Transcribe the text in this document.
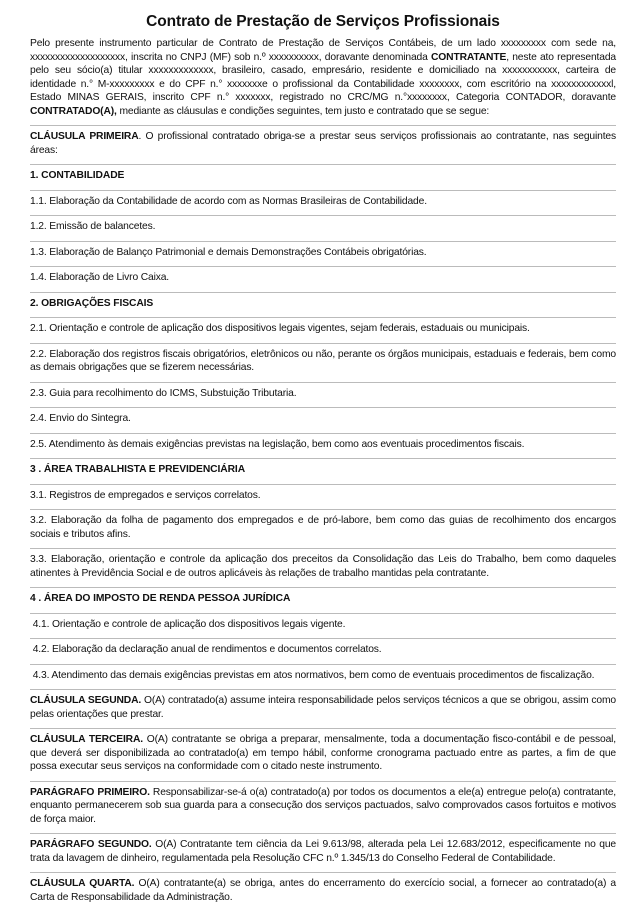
Contrato de Prestação de Serviços Profissionais

Pelo presente instrumento particular de Contrato de Prestação de Serviços Contábeis, de um lado xxxxxxxxx com sede na, xxxxxxxxxxxxxxxxxxx, inscrita no CNPJ (MF) sob n.º xxxxxxxxxx, doravante denominada CONTRATANTE, neste ato representada pelo seu sócio(a) titular xxxxxxxxxxxxx, brasileiro, casado, empresário, residente e domiciliado na xxxxxxxxxxx, carteira de identidade n.° M-xxxxxxxxx e do CPF n.° xxxxxxxe o profissional da Contabilidade xxxxxxxx, com escritório na xxxxxxxxxxxxl, Estado MINAS GERAIS, inscrito CPF n.° xxxxxxx, registrado no CRC/MG n.°xxxxxxxx, Categoria CONTADOR, doravante CONTRATADO(A), mediante as cláusulas e condições seguintes, tem justo e contratado que se segue:

CLÁUSULA PRIMEIRA. O profissional contratado obriga-se a prestar seus serviços profissionais ao contratante, nas seguintes áreas:

1. CONTABILIDADE

1.1. Elaboração da Contabilidade de acordo com as Normas Brasileiras de Contabilidade.

1.2. Emissão de balancetes.

1.3. Elaboração de Balanço Patrimonial e demais Demonstrações Contábeis obrigatórias.

1.4. Elaboração de Livro Caixa.

2. OBRIGAÇÕES FISCAIS

2.1. Orientação e controle de aplicação dos dispositivos legais vigentes, sejam federais, estaduais ou municipais.

2.2. Elaboração dos registros fiscais obrigatórios, eletrônicos ou não, perante os órgãos municipais, estaduais e federais, bem como as demais obrigações que se fizerem necessárias.

2.3. Guia para recolhimento do ICMS, Substuição Tributaria.

2.4. Envio do Sintegra.

2.5. Atendimento às demais exigências previstas na legislação, bem como aos eventuais procedimentos fiscais.

3 . ÁREA TRABALHISTA E PREVIDENCIÁRIA

3.1. Registros de empregados e serviços correlatos.

3.2. Elaboração da folha de pagamento dos empregados e de pró-labore, bem como das guias de recolhimento dos encargos sociais e tributos afins.

3.3. Elaboração, orientação e controle da aplicação dos preceitos da Consolidação das Leis do Trabalho, bem como daqueles atinentes à Previdência Social e de outros aplicáveis às relações de trabalho mantidas pela contratante.

4 . ÁREA DO IMPOSTO DE RENDA PESSOA JURÍDICA

4.1. Orientação e controle de aplicação dos dispositivos legais vigente.

4.2. Elaboração da declaração anual de rendimentos e documentos correlatos.

4.3. Atendimento das demais exigências previstas em atos normativos, bem como de eventuais procedimentos de fiscalização.

CLÁUSULA SEGUNDA. O(A) contratado(a) assume inteira responsabilidade pelos serviços técnicos a que se obrigou, assim como pelas orientações que prestar.

CLÁUSULA TERCEIRA. O(A) contratante se obriga a preparar, mensalmente, toda a documentação fisco-contábil e de pessoal, que deverá ser disponibilizada ao contratado(a) em tempo hábil, conforme cronograma pactuado entre as partes, a fim de que possa executar seus serviços na conformidade com o citado neste instrumento.

PARÁGRAFO PRIMEIRO. Responsabilizar-se-á o(a) contratado(a) por todos os documentos a ele(a) entregue pelo(a) contratante, enquanto permanecerem sob sua guarda para a consecução dos serviços pactuados, salvo comprovados casos fortuitos e motivos de força maior.

PARÁGRAFO SEGUNDO. O(A) Contratante tem ciência da Lei 9.613/98, alterada pela Lei 12.683/2012, especificamente no que trata da lavagem de dinheiro, regulamentada pela Resolução CFC n.º 1.345/13 do Conselho Federal de Contabilidade.

CLÁUSULA QUARTA. O(A) contratante(a) se obriga, antes do encerramento do exercício social, a fornecer ao contratado(a) a Carta de Responsabilidade da Administração.
